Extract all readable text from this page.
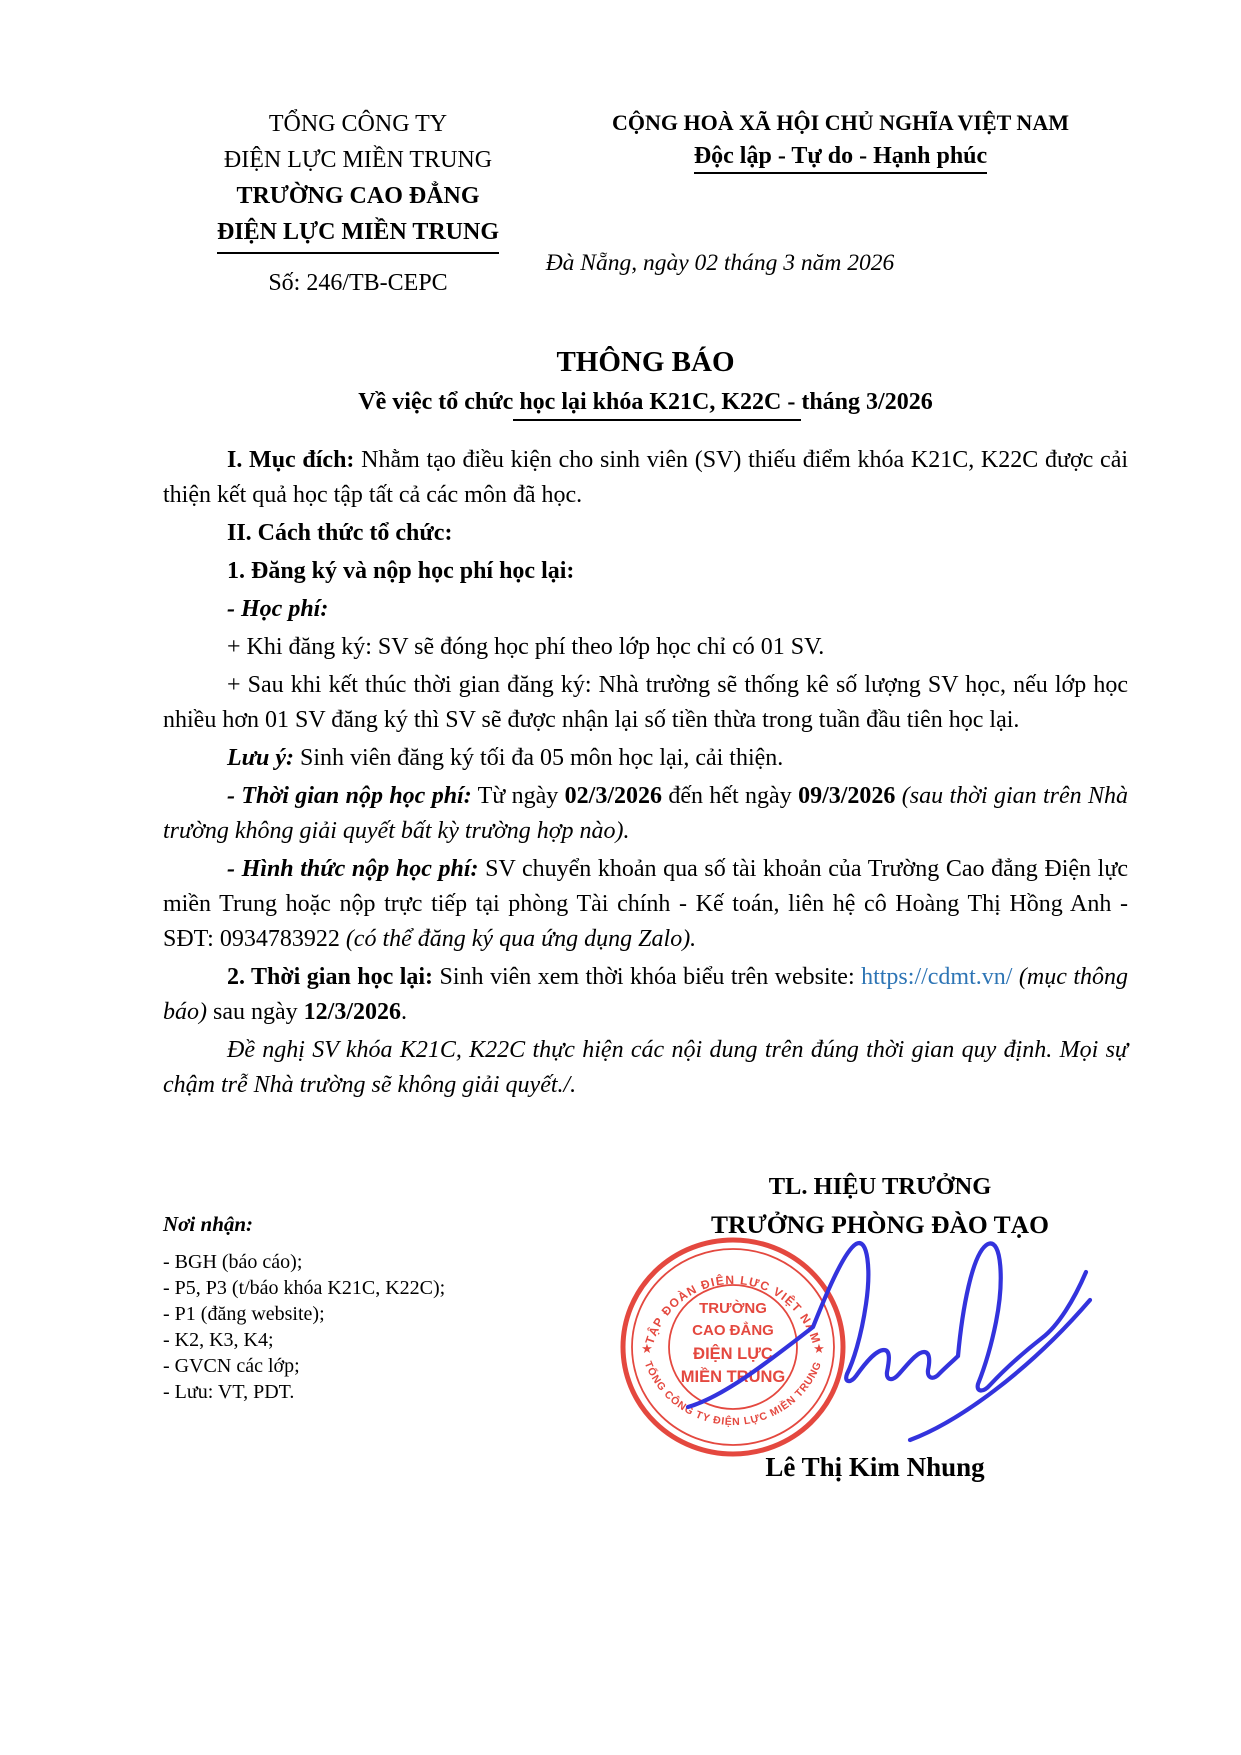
TỔNG CÔNG TY
ĐIỆN LỰC MIỀN TRUNG
TRƯỜNG CAO ĐẲNG
ĐIỆN LỰC MIỀN TRUNG
Số: 246/TB-CEPC
CỘNG HOÀ XÃ HỘI CHỦ NGHĨA VIỆT NAM
Độc lập - Tự do - Hạnh phúc
Đà Nẵng, ngày 02 tháng 3 năm 2026
THÔNG BÁO
Về việc tổ chức học lại khóa K21C, K22C - tháng 3/2026

I. Mục đích: Nhằm tạo điều kiện cho sinh viên (SV) thiếu điểm khóa K21C, K22C được cải thiện kết quả học tập tất cả các môn đã học.

II. Cách thức tổ chức:

1. Đăng ký và nộp học phí học lại:

- Học phí:

+ Khi đăng ký: SV sẽ đóng học phí theo lớp học chỉ có 01 SV.

+ Sau khi kết thúc thời gian đăng ký: Nhà trường sẽ thống kê số lượng SV học, nếu lớp học nhiều hơn 01 SV đăng ký thì SV sẽ được nhận lại số tiền thừa trong tuần đầu tiên học lại.

Lưu ý: Sinh viên đăng ký tối đa 05 môn học lại, cải thiện.

- Thời gian nộp học phí: Từ ngày 02/3/2026 đến hết ngày 09/3/2026 (sau thời gian trên Nhà trường không giải quyết bất kỳ trường hợp nào).

- Hình thức nộp học phí: SV chuyển khoản qua số tài khoản của Trường Cao đẳng Điện lực miền Trung hoặc nộp trực tiếp tại phòng Tài chính - Kế toán, liên hệ cô Hoàng Thị Hồng Anh - SĐT: 0934783922 (có thể đăng ký qua ứng dụng Zalo).

2. Thời gian học lại: Sinh viên xem thời khóa biểu trên website: https://cdmt.vn/ (mục thông báo) sau ngày 12/3/2026.

Đề nghị SV khóa K21C, K22C thực hiện các nội dung trên đúng thời gian quy định. Mọi sự chậm trễ Nhà trường sẽ không giải quyết./.

TL. HIỆU TRƯỞNG
TRƯỞNG PHÒNG ĐÀO TẠO
Nơi nhận:
- BGH (báo cáo);
- P5, P3 (t/báo khóa K21C, K22C);
- P1 (đăng website);
- K2, K3, K4;
- GVCN các lớp;
- Lưu: VT, PDT.
TẬP ĐOÀN ĐIỆN LỰC VIỆT NAM
TỔNG CÔNG TY ĐIỆN LỰC MIỀN TRUNG
★	★
TRƯỜNG
CAO ĐẲNG
ĐIỆN LỰC
MIỀN TRUNG
Lê Thị Kim Nhung
